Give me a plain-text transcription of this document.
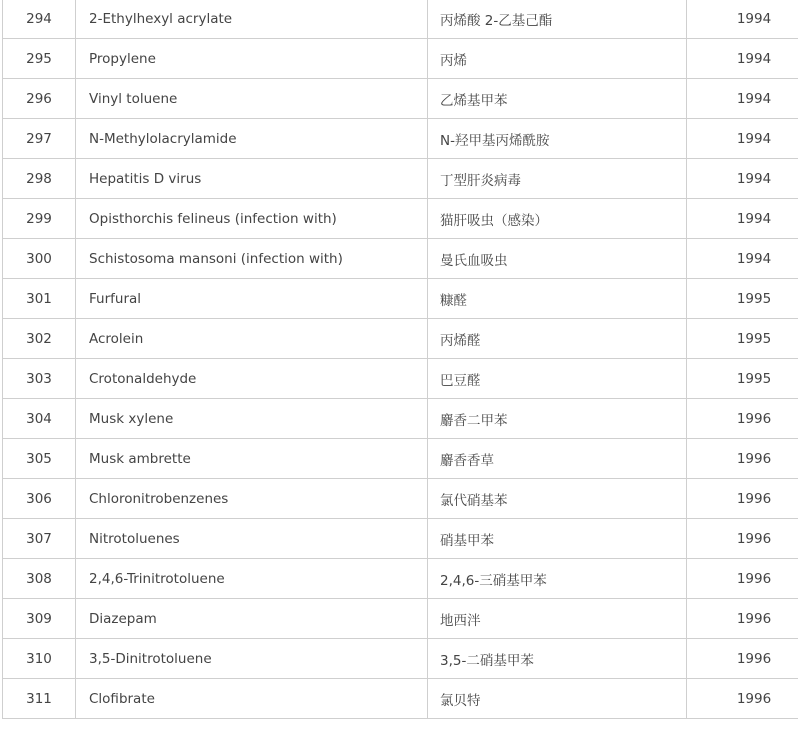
294	2-Ethylhexyl acrylate	丙烯酸 2-乙基己酯	1994
295	Propylene	丙烯	1994
296	Vinyl toluene	乙烯基甲苯	1994
297	N-Methylolacrylamide	N-羟甲基丙烯酰胺	1994
298	Hepatitis D virus	丁型肝炎病毒	1994
299	Opisthorchis felineus (infection with)	猫肝吸虫（感染）	1994
300	Schistosoma mansoni (infection with)	曼氏血吸虫	1994
301	Furfural	糠醛	1995
302	Acrolein	丙烯醛	1995
303	Crotonaldehyde	巴豆醛	1995
304	Musk xylene	麝香二甲苯	1996
305	Musk ambrette	麝香香草	1996
306	Chloronitrobenzenes	氯代硝基苯	1996
307	Nitrotoluenes	硝基甲苯	1996
308	2,4,6-Trinitrotoluene	2,4,6-三硝基甲苯	1996
309	Diazepam	地西泮	1996
310	3,5-Dinitrotoluene	3,5-二硝基甲苯	1996
311	Clofibrate	氯贝特	1996
